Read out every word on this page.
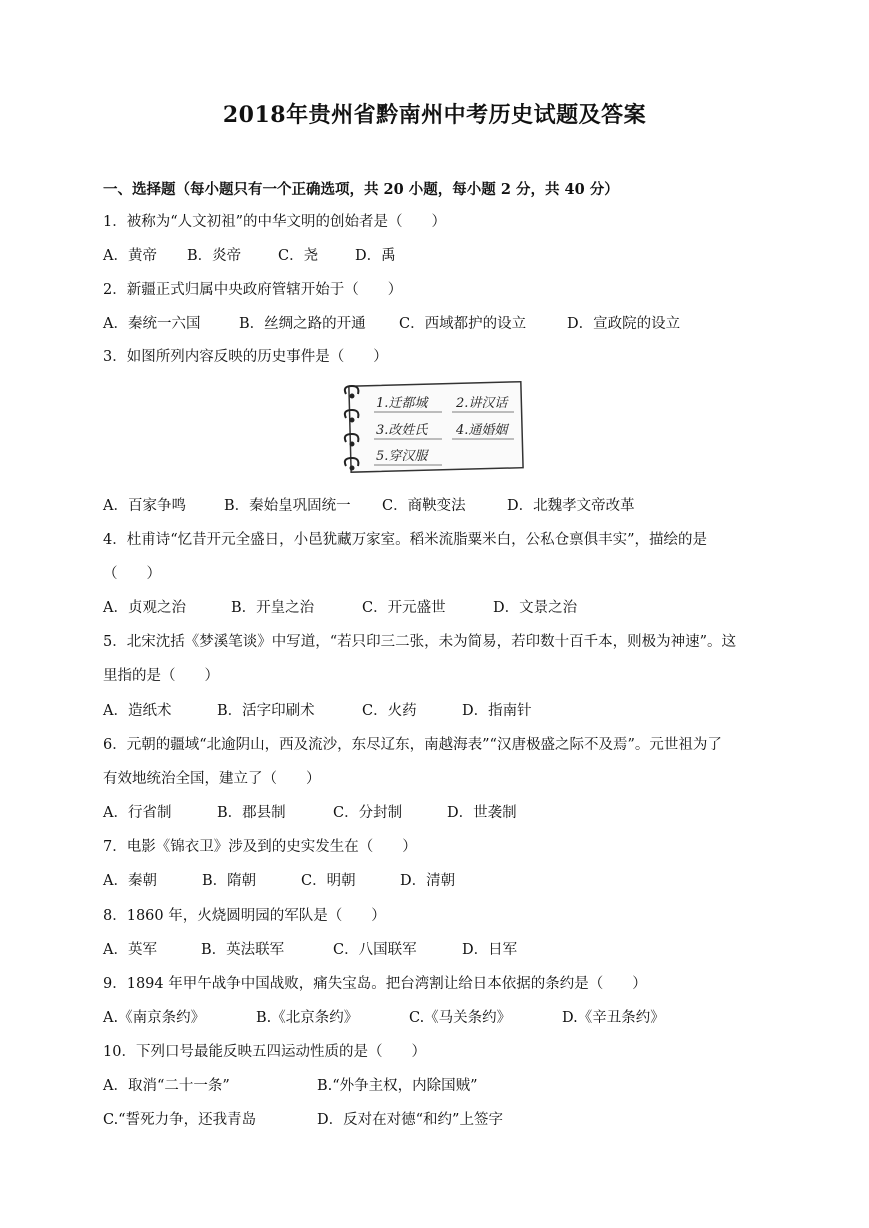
2018年贵州省黔南州中考历史试题及答案
一、选择题（每小题只有一个正确选项，共 20 小题，每小题 2 分，共 40 分）
1．被称为“人文初祖”的中华文明的创始者是（　　）
A．黄帝	B．炎帝	C．尧	D．禹
2．新疆正式归属中央政府管辖开始于（　　）
A．秦统一六国	B．丝绸之路的开通	C．西域都护的设立	D．宣政院的设立
3．如图所列内容反映的历史事件是（　　）
1.迁都城 2.讲汉话
3.改姓氏 4.通婚姻
5.穿汉服
A．百家争鸣	B．秦始皇巩固统一	C．商鞅变法	D．北魏孝文帝改革
4．杜甫诗“忆昔开元全盛日，小邑犹藏万家室。稻米流脂粟米白，公私仓禀俱丰实”，描绘的是
（　　）
A．贞观之治	B．开皇之治	C．开元盛世	D．文景之治
5．北宋沈括《梦溪笔谈》中写道，“若只印三二张，未为简易，若印数十百千本，则极为神速”。这
里指的是（　　）
A．造纸术	B．活字印刷术	C．火药	D．指南针
6．元朝的疆域“北逾阴山，西及流沙，东尽辽东，南越海表”“汉唐极盛之际不及焉”。元世祖为了
有效地统治全国，建立了（　　）
A．行省制	B．郡县制	C．分封制	D．世袭制
7．电影《锦衣卫》涉及到的史实发生在（　　）
A．秦朝	B．隋朝	C．明朝	D．清朝
8．1860 年，火烧圆明园的军队是（　　）
A．英军	B．英法联军	C．八国联军	D．日军
9．1894 年甲午战争中国战败，痛失宝岛。把台湾割让给日本依据的条约是（　　）
A.《南京条约》	B.《北京条约》	C.《马关条约》	D.《辛丑条约》
10．下列口号最能反映五四运动性质的是（　　）
A．取消“二十一条”	B.“外争主权，内除国贼”
C.“誓死力争，还我青岛	D．反对在对德“和约”上签字
